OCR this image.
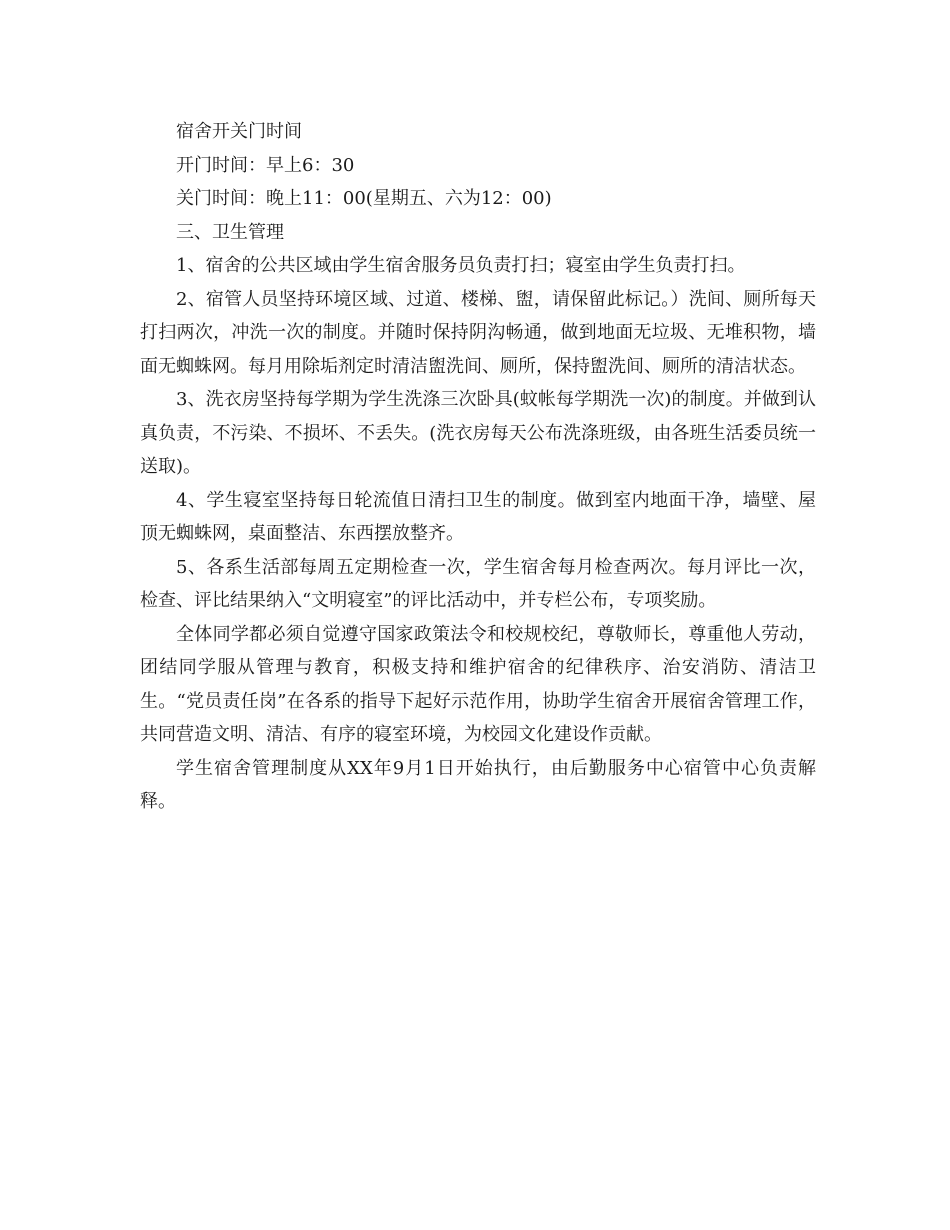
宿舍开关门时间

开门时间：早上6：30

关门时间：晚上11：00(星期五、六为12：00)

三、卫生管理

1、宿舍的公共区域由学生宿舍服务员负责打扫；寝室由学生负责打扫。

2、宿管人员坚持环境区域、过道、楼梯、盥，请保留此标记。）洗间、厕所每天打扫两次，冲洗一次的制度。并随时保持阴沟畅通，做到地面无垃圾、无堆积物，墙面无蜘蛛网。每月用除垢剂定时清洁盥洗间、厕所，保持盥洗间、厕所的清洁状态。

3、洗衣房坚持每学期为学生洗涤三次卧具(蚊帐每学期洗一次)的制度。并做到认真负责，不污染、不损坏、不丢失。(洗衣房每天公布洗涤班级，由各班生活委员统一送取)。

4、学生寝室坚持每日轮流值日清扫卫生的制度。做到室内地面干净，墙壁、屋顶无蜘蛛网，桌面整洁、东西摆放整齐。

5、各系生活部每周五定期检查一次，学生宿舍每月检查两次。每月评比一次，检查、评比结果纳入“文明寝室”的评比活动中，并专栏公布，专项奖励。

全体同学都必须自觉遵守国家政策法令和校规校纪，尊敬师长，尊重他人劳动，团结同学服从管理与教育，积极支持和维护宿舍的纪律秩序、治安消防、清洁卫生。“党员责任岗”在各系的指导下起好示范作用，协助学生宿舍开展宿舍管理工作，共同营造文明、清洁、有序的寝室环境，为校园文化建设作贡献。

学生宿舍管理制度从XX年9月1日开始执行，由后勤服务中心宿管中心负责解释。
